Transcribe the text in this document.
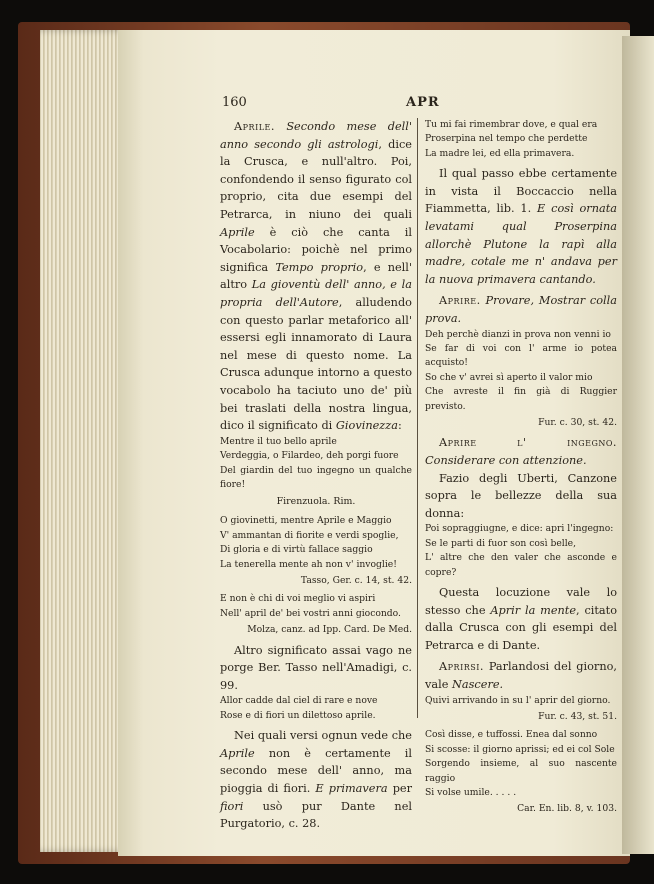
160	APR

Aprile. Secondo mese dell' anno secondo gli astrologi, dice la Crusca, e null'altro. Poi, confondendo il senso figurato col proprio, cita due esempi del Petrarca, in niuno dei quali Aprile è ciò che canta il Vocabolario: poichè nel primo significa Tempo proprio, e nell' altro La gioventù dell' anno, e la propria dell'Autore, alludendo con questo parlar metaforico all' essersi egli innamorato di Laura nel mese di questo nome. La Crusca adunque intorno a questo vocabolo ha taciuto uno de' più bei traslati della nostra lingua, dico il significato di Giovinezza:

Mentre il tuo bello aprile

Verdeggia, o Filardeo, deh porgi fuore

Del giardin del tuo ingegno un qualche fiore!

Firenzuola. Rim.

O giovinetti, mentre Aprile e Maggio

V' ammantan di fiorite e verdi spoglie,

Di gloria e di virtù fallace saggio

La tenerella mente ah non v' invoglie!

Tasso, Ger. c. 14, st. 42.

E non è chi di voi meglio vi aspiri

Nell' april de' bei vostri anni giocondo.

Molza, canz. ad Ipp. Card. De Med.

Altro significato assai vago ne porge Ber. Tasso nell'Amadigi, c. 99.

Allor cadde dal ciel di rare e nove

Rose e di fiori un dilettoso aprile.

Nei quali versi ognun vede che Aprile non è certamente il secondo mese dell' anno, ma pioggia di fiori. E primavera per fiori usò pur Dante nel Purgatorio, c. 28.

Tu mi fai rimembrar dove, e qual era

Proserpina nel tempo che perdette

La madre lei, ed ella primavera.

Il qual passo ebbe certamente in vista il Boccaccio nella Fiammetta, lib. 1. E così ornata levatami qual Proserpina allorchè Plutone la rapì alla madre, cotale me n' andava per la nuova primavera cantando.

Aprire. Provare, Mostrar colla prova.

Deh perchè dianzi in prova non venni io

Se far di voi con l' arme io potea acquisto!

So che v' avrei sì aperto il valor mio

Che avreste il fin già di Ruggier previsto.

Fur. c. 30, st. 42.

Aprire l' ingegno. Considerare con attenzione.

Fazio degli Uberti, Canzone sopra le bellezze della sua donna:

Poi sopraggiugne, e dice: apri l'ingegno:

Se le parti di fuor son così belle,

L' altre che den valer che asconde e copre?

Questa locuzione vale lo stesso che Aprir la mente, citato dalla Crusca con gli esempi del Petrarca e di Dante.

Aprirsi. Parlandosi del giorno, vale Nascere.

Quivi arrivando in su l' aprir del giorno.

Fur. c. 43, st. 51.

Così disse, e tuffossi. Enea dal sonno

Si scosse: il giorno aprissi; ed ei col Sole

Sorgendo insieme, al suo nascente raggio

Si volse umile. . . . .

Car. En. lib. 8, v. 103.
